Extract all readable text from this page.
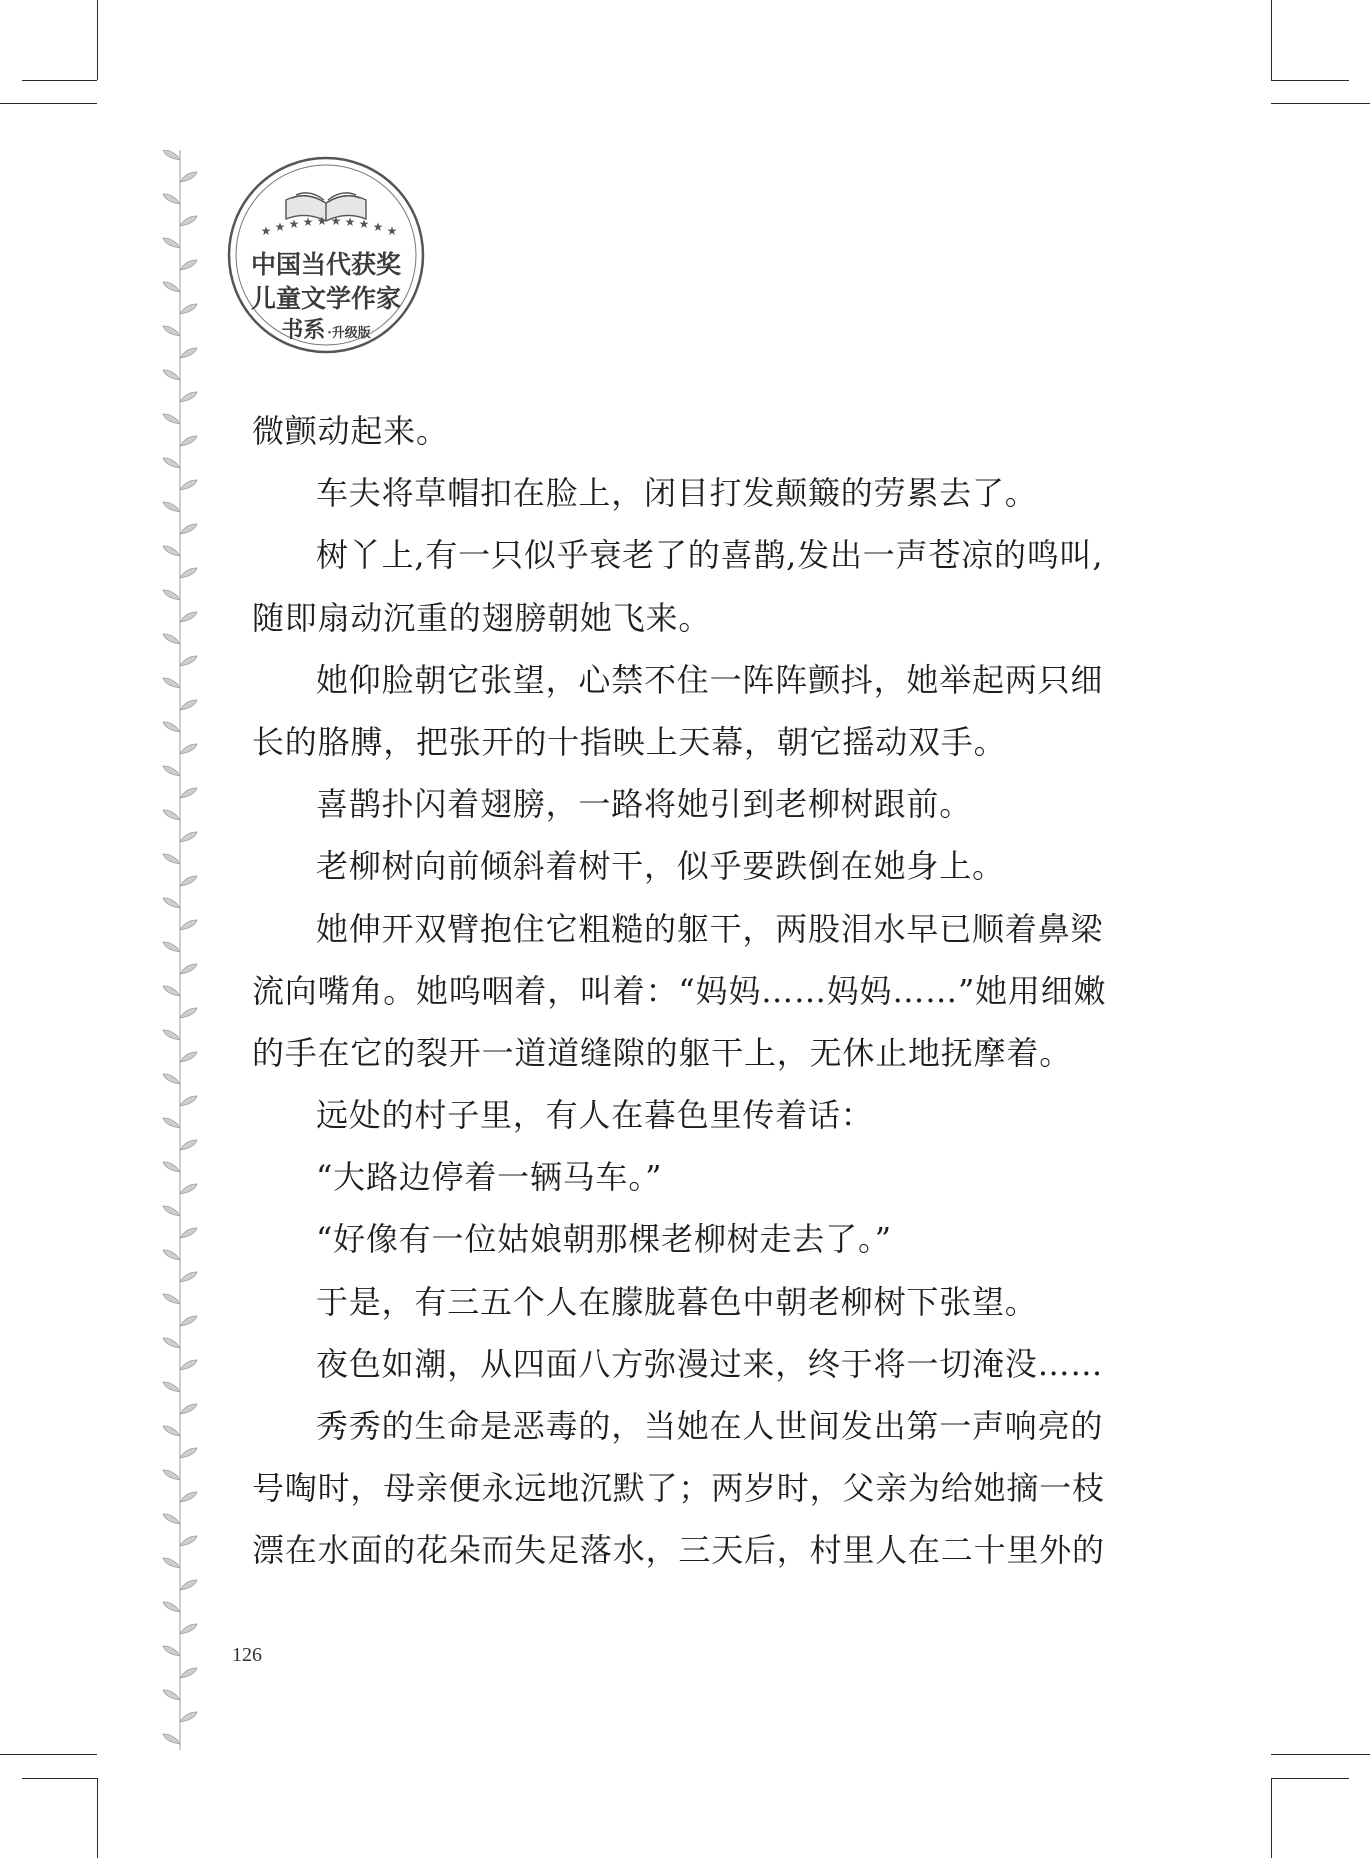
★ ★ ★ ★ ★ ★ ★ ★ ★ ★
中国当代获奖
儿童文学作家
书系 ·升级版
微颤动起来。
车夫将草帽扣在脸上，闭目打发颠簸的劳累去了。
树丫上,有一只似乎衰老了的喜鹊,发出一声苍凉的鸣叫,
随即扇动沉重的翅膀朝她飞来。
她仰脸朝它张望，心禁不住一阵阵颤抖，她举起两只细
长的胳膊，把张开的十指映上天幕，朝它摇动双手。
喜鹊扑闪着翅膀，一路将她引到老柳树跟前。
老柳树向前倾斜着树干，似乎要跌倒在她身上。
她伸开双臂抱住它粗糙的躯干，两股泪水早已顺着鼻梁
流向嘴角。她呜咽着，叫着：“妈妈……妈妈……”她用细嫩
的手在它的裂开一道道缝隙的躯干上，无休止地抚摩着。
远处的村子里，有人在暮色里传着话：
“大路边停着一辆马车。”
“好像有一位姑娘朝那棵老柳树走去了。”
于是，有三五个人在朦胧暮色中朝老柳树下张望。
夜色如潮，从四面八方弥漫过来，终于将一切淹没……
秀秀的生命是恶毒的，当她在人世间发出第一声响亮的
号啕时，母亲便永远地沉默了；两岁时，父亲为给她摘一枝
漂在水面的花朵而失足落水，三天后，村里人在二十里外的
126
